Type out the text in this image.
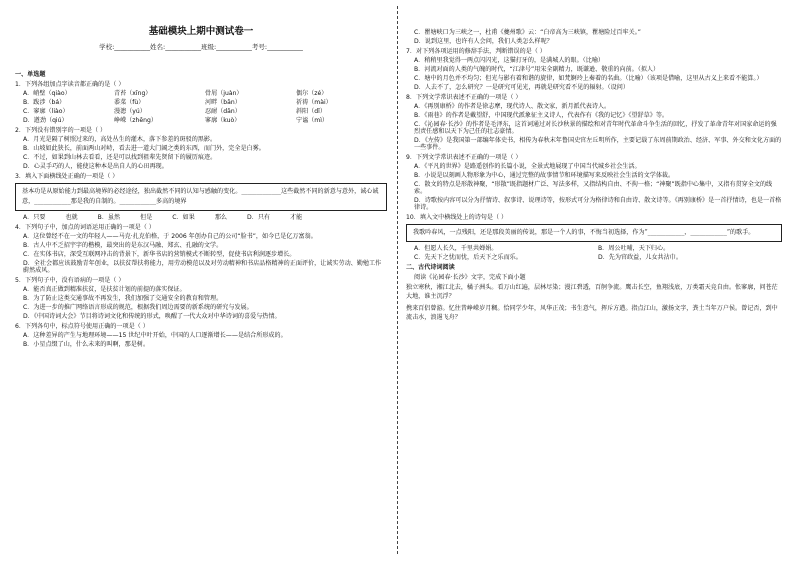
基础模块上期中测试卷一
学校:___________姓名:___________班级:___________考号:___________
一、单选题
1．下列各组加点字读音都正确的是（ ）
A．峭壁（qiào）	青苔（xīng）	骨屑（juàn）	偶尔（zé）
B．跋涉（bá）	黍菜（fù）	河畔（bān）	祈祷（mài）
C．寥廓（liào）	漫漶（yú）	忍耐（dān）	斜阳（dǐ）
D．遒劲（qiú）	峥嵘（zhēng）	寥廓（kuò）	宁谧（mì）
2．下列没有错别字的一项是（ ）
A．月光是隔了树照过来的，高处丛生的灌木，落下参差的斑驳的黑影。
B．山坡如此狭长，前面两山对峙，看去进一道大门阔之类的东西，而门外，完全是白雾。
C．不过，如果到山林去看看，还是可以找到祖辈先贤留下的履历痕迹。
D．心灵手巧的人，能使这种本是出自人的心田再现。
3．填入下面横线处正确的一项是（ ）
基本功是从原始能力到最高境界的必经途径，独出截然不同的认知与感触的变化。_____________这些截然不同的新意与意外，诚心诚意，____________那是我的自制的。____________多高的境界
A．只要	也就	B．虽然	但是	C．如果	那么	D．只有	才能
4．下列句子中，加点的词语运用正确的一项是（ ）
A．这位曾经不在一文的年轻人——马克·扎克伯格，于 2006 年创办自己的公司“脸书”，如今已是亿万富翁。
B．古人中不乏招宇字的楷模，最突出的是东汉马融、郑玄、孔融的文学。
C．在实体书店，深受互联网冲击的背景下，新华书店的营销模式不断转型，促使书店利润逐步增长。
D．全社会都应该鼓励青年创业，以扶贫帮扶将能力，用劳动模范以及对劳动精神和书店品格精神的正面评价，让诚实劳动、勤勉工作蔚然成风。
5．下列句子中，没有语病的一项是（ ）
A．能否真正做到精准扶贫，是扶贫计划的前提的落实保证。
B．为了防止这类交通事故不再发生，我们加强了交通安全的教育和管理。
C．为进一步的推广网络语言形成的规范，根据我们周边需要的新系统的研究与发展。
D．《中国诗词大会》节目将诗词文化和传统的形式，唤醒了一代大众对中华诗词的喜爱与热情。
6．下列各句中，标点符号使用正确的一项是（ ）
A．这种差异的产生与地理环境——15 世纪中叶开始，中国的人口逐渐增长——是结合所形成的。
B．小星点缀了山，什么未来的叫啊，那是树。
C．瞿塘峡口为三峡之一，杜甫《夔州歌》云：“白帝高为三峡镇，瞿塘险过百牢关。”
D．说到这里，也许有人会问，我们人类怎么样呢？
7．对下列各项运用的修辞手法，判断错误的是（ ）
A．稍稍里我觉得一两点闪闪光，这猫打牙的，是满城人的眼。（比喻）
B．河流对面的人类的气魄的时代，“江津号”用宋全副精力，既谦逊、敬重的向前。（拟人）
C．塘中的月色并不均匀；但光与影有着和谐的旋律，如梵婀玲上奏着的名曲。（比喻）（该项是借喻，这里从古义上来看不能算。）
D．人去不了，怎么研究？一是研究可见光，再就是研究看不见的辐射。（设问）
8．下列文学常识表述不正确的一项是（ ）
A．《再别康桥》的作者是徐志摩，现代诗人、散文家，新月派代表诗人。
B．《雨巷》的作者是戴望舒，中国现代派象征主义诗人，代表作有《我的记忆》《望舒草》等。
C．《沁园春·长沙》的作者是毛泽东，这首词通过对长沙秋景的描绘和对青年时代革命斗争生活的回忆，抒发了革命青年对国家命运的强烈责任感和以天下为己任的壮志豪情。
D．《左传》是我国第一部编年体史书，相传为春秋末年鲁国史官左丘明所作，主要记载了东周前期政治、经济、军事、外交和文化方面的一些事件。
9．下列文学常识表述不正确的一项是（ ）
A．《平凡的世界》是路遥创作的长篇小说，全景式地展现了中国当代城乡社会生活。
B．小说是以刻画人物形象为中心，通过完整的故事情节和环境描写来反映社会生活的文学体裁。
C．散文的特点是形散神聚，“形散”既指题材广泛、写法多样，又指结构自由、不拘一格；“神聚”既指中心集中，又指有贯穿全文的线索。
D．诗歌按内容可以分为抒情诗、叙事诗、说理诗等，按形式可分为格律诗和自由诗、散文诗等。《再别康桥》是一首抒情诗，也是一首格律诗。
10．填入文中横线处上的诗句是（ ）
我歌吟春风，一点残阳，还是那段美丽的传说，那是一个人的事，不悔当初选择，作为“____________，____________”的歌手。
A．但愿人长久，千里共婵娟。	B．周公吐哺，天下归心。
C．先天下之忧而忧，后天下之乐而乐。	D．先为官政益，儿女共沾巾。
二、古代诗词阅读
阅读《沁园春·长沙》文字，完成下面小题
独立寒秋，湘江北去，橘子洲头。看万山红遍，层林尽染；漫江碧透，百舸争流。鹰击长空，鱼翔浅底，万类霜天竞自由。怅寥廓，问苍茫大地，谁主沉浮？
携来百侣曾游。忆往昔峥嵘岁月稠。恰同学少年，风华正茂；书生意气，挥斥方遒。指点江山，激扬文字，粪土当年万户侯。曾记否，到中流击水，浪遏飞舟？
